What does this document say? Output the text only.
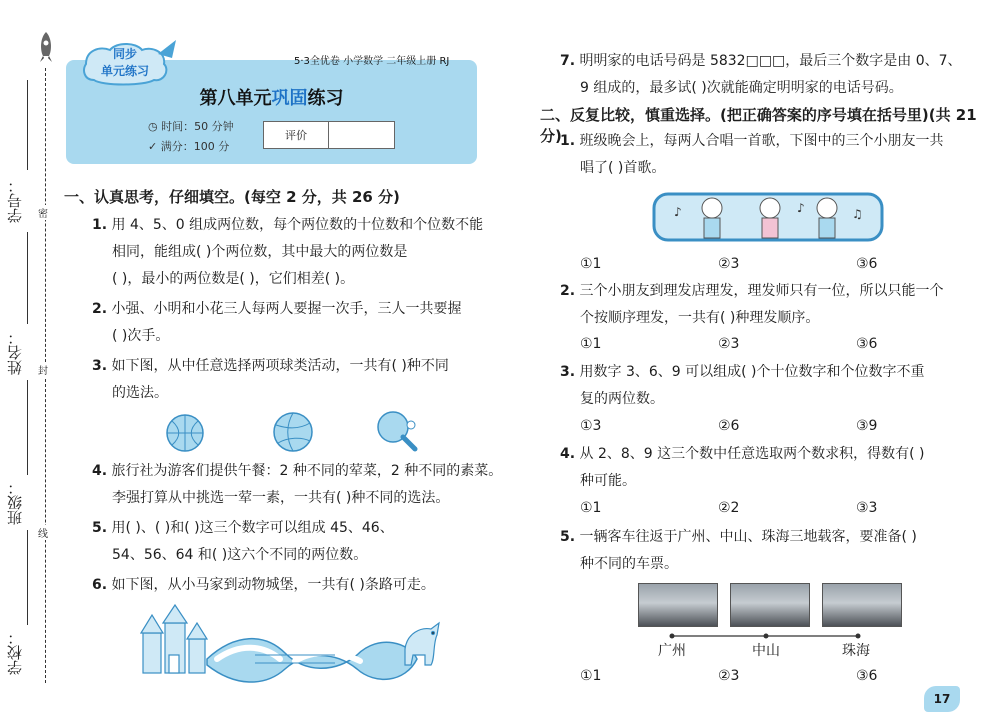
学号：
姓名：
班级：
学校：
密
封
线
第八单元巩固练习
◷ 时间：50 分钟
✓ 满分：100 分
评价
同步
单元练习
5·3全优卷 小学数学 二年级上册 RJ
一、认真思考，仔细填空。(每空 2 分，共 26 分)
1. 用 4、5、0 组成两位数，每个两位数的十位数和个位数不能
相同，能组成( )个两位数，其中最大的两位数是
( )，最小的两位数是( )，它们相差( )。
2. 小强、小明和小花三人每两人要握一次手，三人一共要握
( )次手。
3. 如下图，从中任意选择两项球类活动，一共有( )种不同
的选法。
4. 旅行社为游客们提供午餐：2 种不同的荤菜，2 种不同的素菜。
李强打算从中挑选一荤一素，一共有( )种不同的选法。
5. 用( )、( )和( )这三个数字可以组成 45、46、
54、56、64 和( )这六个不同的两位数。
6. 如下图，从小马家到动物城堡，一共有( )条路可走。
7. 明明家的电话号码是 5832□□□，最后三个数字是由 0、7、
9 组成的，最多试( )次就能确定明明家的电话号码。
二、反复比较，慎重选择。(把正确答案的序号填在括号里)(共 21 分)
1. 班级晚会上，每两人合唱一首歌，下图中的三个小朋友一共
唱了( )首歌。
♪	♪	♫
①1	②3	③6
2. 三个小朋友到理发店理发，理发师只有一位，所以只能一个
个按顺序理发，一共有( )种理发顺序。
①1	②3	③6
3. 用数字 3、6、9 可以组成( )个十位数字和个位数字不重
复的两位数。
①3	②6	③9
4. 从 2、8、9 这三个数中任意选取两个数求积，得数有( )
种可能。
①1	②2	③3
5. 一辆客车往返于广州、中山、珠海三地载客，要准备( )
种不同的车票。
广州	中山	珠海
①1	②3	③6
17
